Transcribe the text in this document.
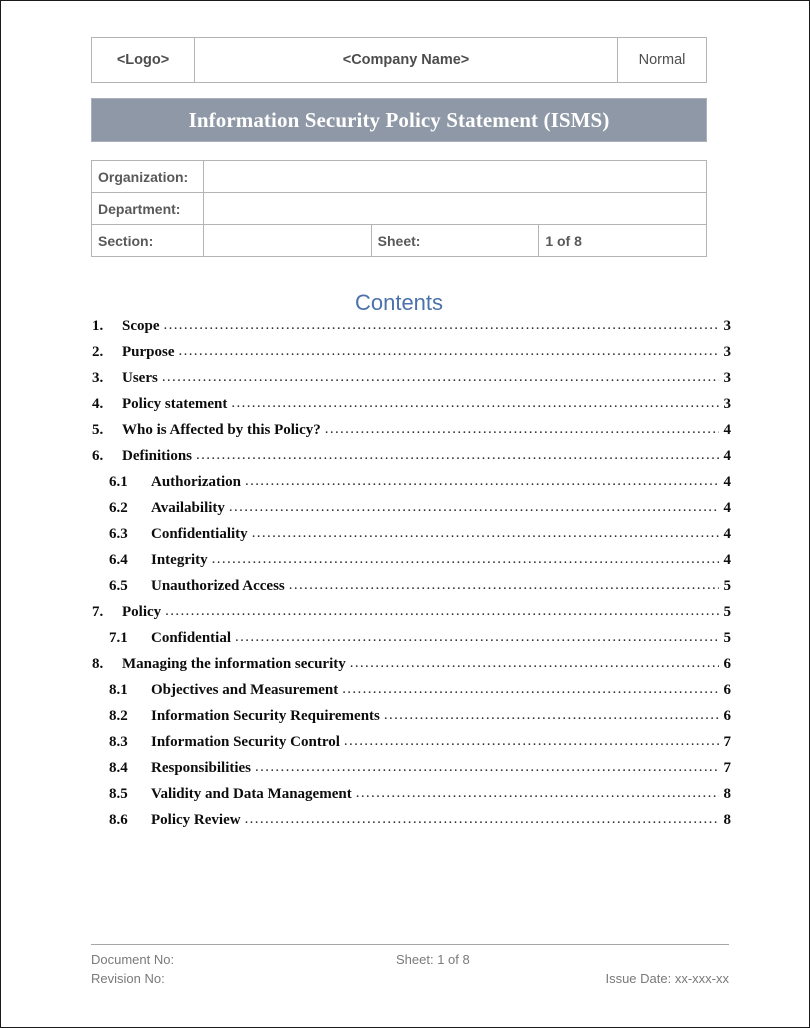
<Logo>	<Company Name>	Normal
Information Security Policy Statement (ISMS)
Organization:			
Department:			
Section:		Sheet:	1 of 8
Contents
1.	Scope .....	3
2.	Purpose .....	3
3.	Users .....	3
4.	Policy statement .....	3
5.	Who is Affected by this Policy? .....	4
6.	Definitions .....	4
6.1	Authorization .....	4
6.2	Availability .....	4
6.3	Confidentiality .....	4
6.4	Integrity .....	4
6.5	Unauthorized Access .....	5
7.	Policy .....	5
7.1	Confidential .....	5
8.	Managing the information security .....	6
8.1	Objectives and Measurement .....	6
8.2	Information Security Requirements .....	6
8.3	Information Security Control .....	7
8.4	Responsibilities .....	7
8.5	Validity and Data Management .....	8
8.6	Policy Review .....	8
Document No:	Sheet: 1 of 8
Revision No:	Issue Date: xx-xxx-xx
